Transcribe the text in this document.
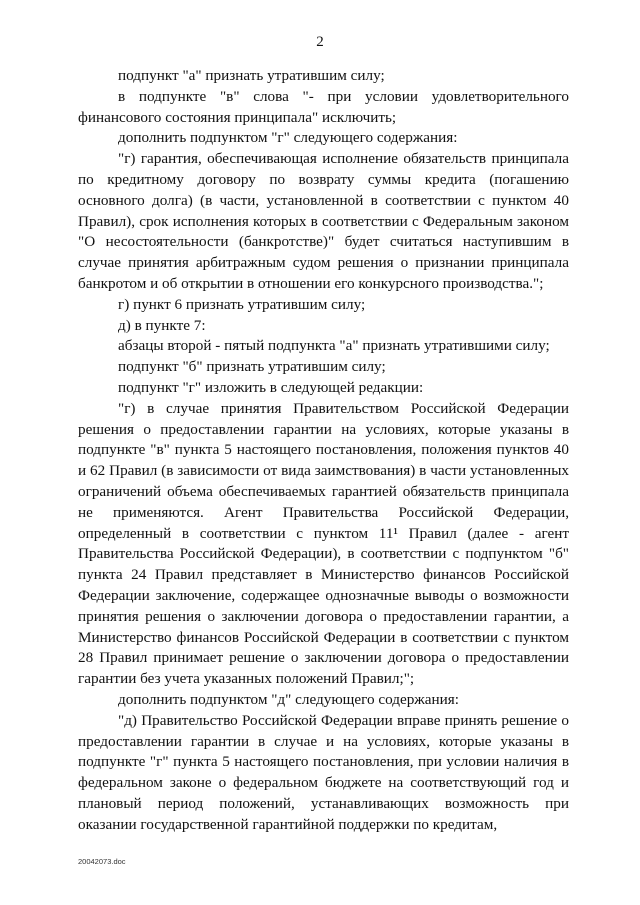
2

подпункт "а" признать утратившим силу;

в подпункте "в" слова "- при условии удовлетворительного финансового состояния принципала" исключить;

дополнить подпунктом "г" следующего содержания:

"г) гарантия, обеспечивающая исполнение обязательств принципала по кредитному договору по возврату суммы кредита (погашению основного долга) (в части, установленной в соответствии с пунктом 40 Правил), срок исполнения которых в соответствии с Федеральным законом "О несостоятельности (банкротстве)" будет считаться наступившим в случае принятия арбитражным судом решения о признании принципала банкротом и об открытии в отношении его конкурсного производства.";

г) пункт 6 признать утратившим силу;

д) в пункте 7:

абзацы второй - пятый подпункта "а" признать утратившими силу;

подпункт "б" признать утратившим силу;

подпункт "г" изложить в следующей редакции:

"г) в случае принятия Правительством Российской Федерации решения о предоставлении гарантии на условиях, которые указаны в подпункте "в" пункта 5 настоящего постановления, положения пунктов 40 и 62 Правил (в зависимости от вида заимствования) в части установленных ограничений объема обеспечиваемых гарантией обязательств принципала не применяются. Агент Правительства Российской Федерации, определенный в соответствии с пунктом 11¹ Правил (далее - агент Правительства Российской Федерации), в соответствии с подпунктом "б" пункта 24 Правил представляет в Министерство финансов Российской Федерации заключение, содержащее однозначные выводы о возможности принятия решения о заключении договора о предоставлении гарантии, а Министерство финансов Российской Федерации в соответствии с пунктом 28 Правил принимает решение о заключении договора о предоставлении гарантии без учета указанных положений Правил;";

дополнить подпунктом "д" следующего содержания:

"д) Правительство Российской Федерации вправе принять решение о предоставлении гарантии в случае и на условиях, которые указаны в подпункте "г" пункта 5 настоящего постановления, при условии наличия в федеральном законе о федеральном бюджете на соответствующий год и плановый период положений, устанавливающих возможность при оказании государственной гарантийной поддержки по кредитам,

20042073.doc
